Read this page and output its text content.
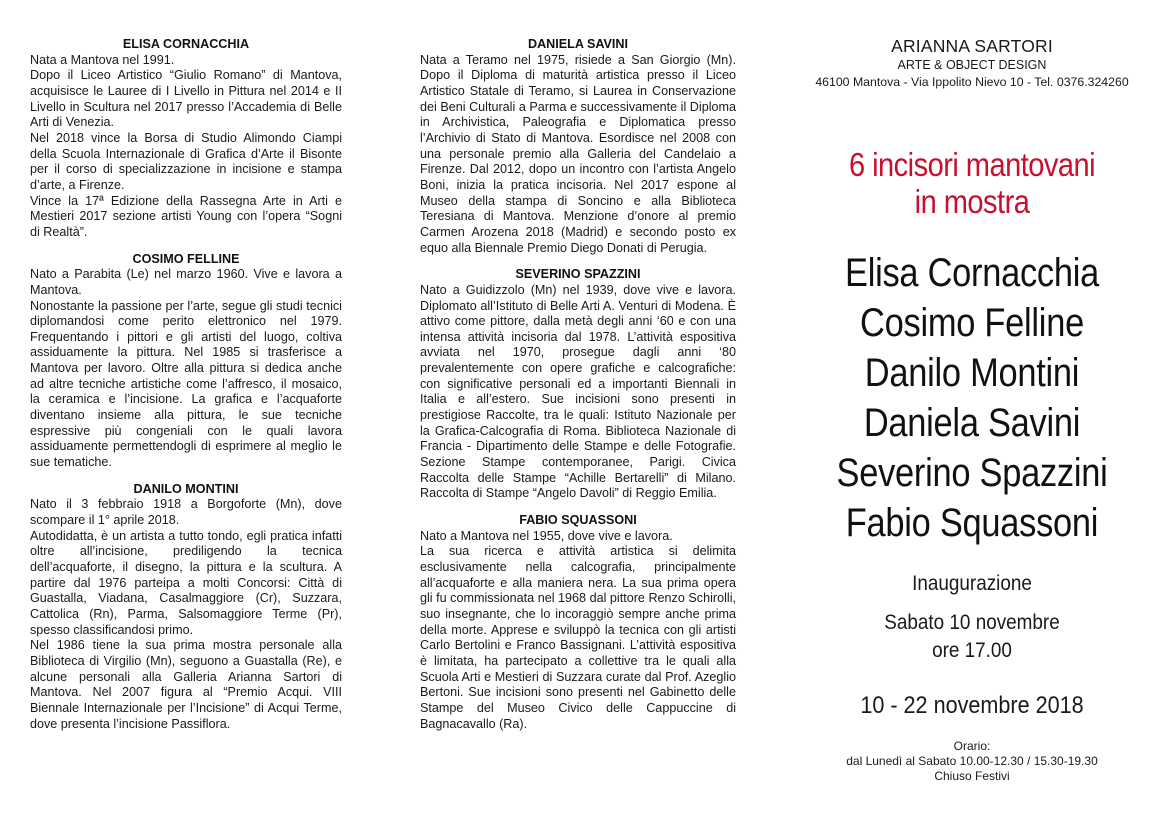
ELISA CORNACCHIA

Nata a Mantova nel 1991.

Dopo il Liceo Artistico “Giulio Romano” di Mantova, acquisisce le Lauree di I Livello in Pittura nel 2014 e II Livello in Scultura nel 2017 presso l’Accademia di Belle Arti di Venezia.

Nel 2018 vince la Borsa di Studio Alimondo Ciampi della Scuola Internazionale di Grafica d’Arte il Bisonte per il corso di specializzazione in incisione e stampa d’arte, a Firenze.

Vince la 17ª Edizione della Rassegna Arte in Arti e Mestieri 2017 sezione artisti Young con l’opera “Sogni di Realtà”.

COSIMO FELLINE

Nato a Parabita (Le) nel marzo 1960. Vive e lavora a Mantova.

Nonostante la passione per l’arte, segue gli studi tecnici diplomandosi come perito elettronico nel 1979. Frequentando i pittori e gli artisti del luogo, coltiva assiduamente la pittura. Nel 1985 si trasferisce a Mantova per lavoro. Oltre alla pittura si dedica anche ad altre tecniche artistiche come l’affresco, il mosaico, la ceramica e l’incisione. La grafica e l’acquaforte diventano insieme alla pittura, le sue tecniche espressive più congeniali con le quali lavora assiduamente permettendogli di esprimere al meglio le sue tematiche.

DANILO MONTINI

Nato il 3 febbraio 1918 a Borgoforte (Mn), dove scompare il 1° aprile 2018.

Autodidatta, è un artista a tutto tondo, egli pratica infatti oltre all’incisione, prediligendo la tecnica dell’acquaforte, il disegno, la pittura e la scultura. A partire dal 1976 parteipa a molti Concorsi: Città di Guastalla, Viadana, Casalmaggiore (Cr), Suzzara, Cattolica (Rn), Parma, Salsomaggiore Terme (Pr), spesso classificandosi primo.

Nel 1986 tiene la sua prima mostra personale alla Biblioteca di Virgilio (Mn), seguono a Guastalla (Re), e alcune personali alla Galleria Arianna Sartori di Mantova. Nel 2007 figura al “Premio Acqui. VIII Biennale Internazionale per l’Incisione” di Acqui Terme, dove presenta l’incisione Passiflora.

DANIELA SAVINI

Nata a Teramo nel 1975, risiede a San Giorgio (Mn). Dopo il Diploma di maturità artistica presso il Liceo Artistico Statale di Teramo, si Laurea in Conservazione dei Beni Culturali a Parma e successivamente il Diploma in Archivistica, Paleografia e Diplomatica presso l’Archivio di Stato di Mantova. Esordisce nel 2008 con una personale premio alla Galleria del Candelaio a Firenze. Dal 2012, dopo un incontro con l’artista Angelo Boni, inizia la pratica incisoria. Nel 2017 espone al Museo della stampa di Soncino e alla Biblioteca Teresiana di Mantova. Menzione d’onore al premio Carmen Arozena 2018 (Madrid) e secondo posto ex equo alla Biennale Premio Diego Donati di Perugia.

SEVERINO SPAZZINI

Nato a Guidizzolo (Mn) nel 1939, dove vive e lavora. Diplomato all’Istituto di Belle Arti A. Venturi di Modena. È attivo come pittore, dalla metà degli anni ‘60 e con una intensa attività incisoria dal 1978. L’attività espositiva avviata nel 1970, prosegue dagli anni ‘80 prevalentemente con opere grafiche e calcografiche: con significative personali ed a importanti Biennali in Italia e all’estero. Sue incisioni sono presenti in prestigiose Raccolte, tra le quali: Istituto Nazionale per la Grafica-Calcografia di Roma. Biblioteca Nazionale di Francia - Dipartimento delle Stampe e delle Fotografie. Sezione Stampe contemporanee, Parigi. Civica Raccolta delle Stampe “Achille Bertarelli” di Milano. Raccolta di Stampe “Angelo Davoli” di Reggio Emilia.

FABIO SQUASSONI

Nato a Mantova nel 1955, dove vive e lavora.

La sua ricerca e attività artistica si delimita esclusivamente nella calcografia, principalmente all’acquaforte e alla maniera nera. La sua prima opera gli fu commissionata nel 1968 dal pittore Renzo Schirolli, suo insegnante, che lo incoraggiò sempre anche prima della morte. Apprese e sviluppò la tecnica con gli artisti Carlo Bertolini e Franco Bassignani. L’attività espositiva è limitata, ha partecipato a collettive tra le quali alla Scuola Arti e Mestieri di Suzzara curate dal Prof. Azeglio Bertoni. Sue incisioni sono presenti nel Gabinetto delle Stampe del Museo Civico delle Cappuccine di Bagnacavallo (Ra).

ARIANNA SARTORI

ARTE & OBJECT DESIGN

46100 Mantova - Via Ippolito Nievo 10 - Tel. 0376.324260

6 incisori mantovani
in mostra

Elisa Cornacchia

Cosimo Felline

Danilo Montini

Daniela Savini

Severino Spazzini

Fabio Squassoni

Inaugurazione

Sabato 10 novembre

ore 17.00

10 - 22 novembre 2018

Orario:

dal Lunedì al Sabato 10.00-12.30 / 15.30-19.30

Chiuso Festivi
